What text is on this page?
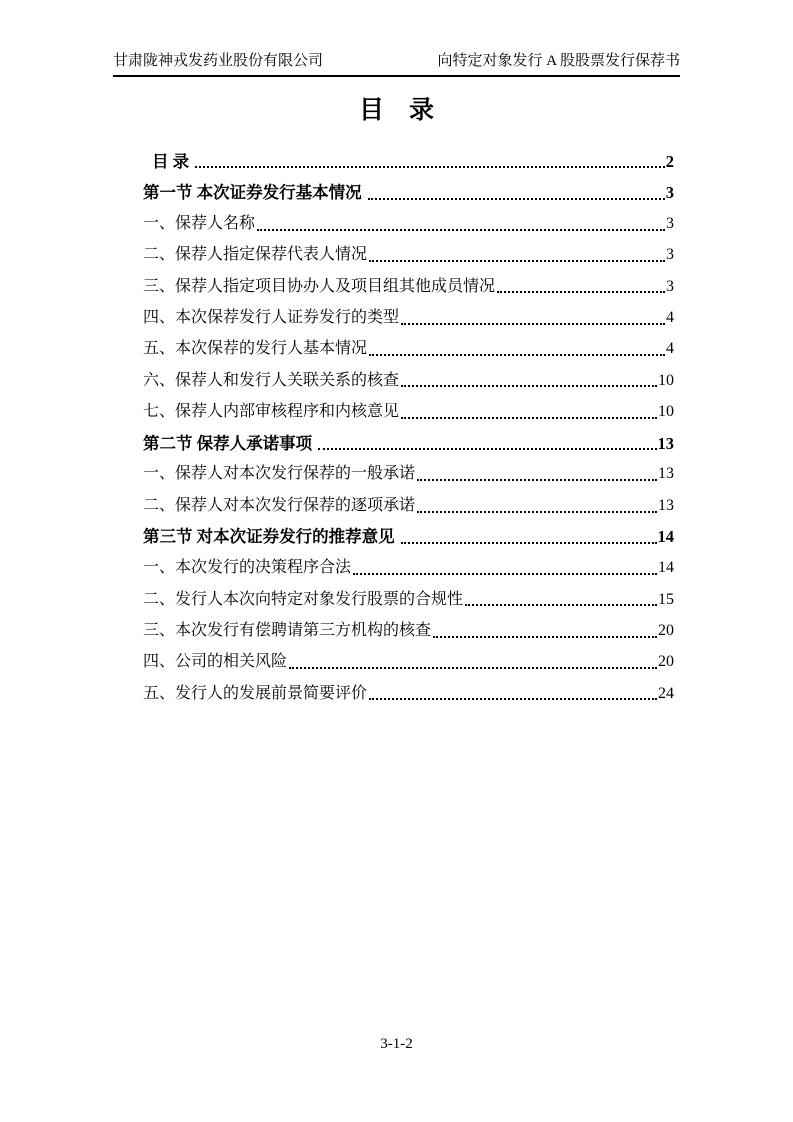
甘肃陇神戎发药业股份有限公司	向特定对象发行 A 股股票发行保荐书
目　录
目 录	2
第一节 本次证券发行基本情况	3
一、保荐人名称	3
二、保荐人指定保荐代表人情况	3
三、保荐人指定项目协办人及项目组其他成员情况	3
四、本次保荐发行人证券发行的类型	4
五、本次保荐的发行人基本情况	4
六、保荐人和发行人关联关系的核查	10
七、保荐人内部审核程序和内核意见	10
第二节 保荐人承诺事项	13
一、保荐人对本次发行保荐的一般承诺	13
二、保荐人对本次发行保荐的逐项承诺	13
第三节 对本次证券发行的推荐意见	14
一、本次发行的决策程序合法	14
二、发行人本次向特定对象发行股票的合规性	15
三、本次发行有偿聘请第三方机构的核查	20
四、公司的相关风险	20
五、发行人的发展前景简要评价	24
3-1-2
